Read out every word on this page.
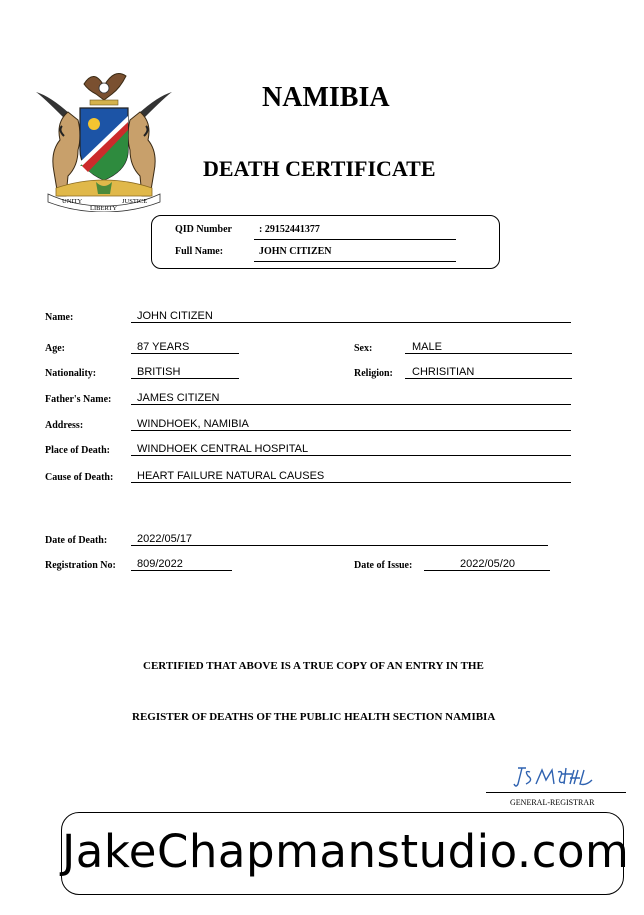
UNITY
LIBERTY
JUSTICE
NAMIBIA
DEATH CERTIFICATE
QID Number	: 29152441377
Full Name:	JOHN CITIZEN
Name:	JOHN CITIZEN
Age:	87 YEARS	Sex:	MALE
Nationality:	BRITISH	Religion: CHRISITIAN
Father's Name: JAMES CITIZEN
Address:	WINDHOEK, NAMIBIA
Place of Death: WINDHOEK CENTRAL HOSPITAL
Cause of Death: HEART FAILURE NATURAL CAUSES
Date of Death:	2022/05/17
Registration No: 809/2022	Date of Issue:	2022/05/20
CERTIFIED THAT ABOVE IS A TRUE COPY OF AN ENTRY IN THE
REGISTER OF DEATHS OF THE PUBLIC HEALTH SECTION NAMIBIA
GENERAL-REGISTRAR
JakeChapmanstudio.com
